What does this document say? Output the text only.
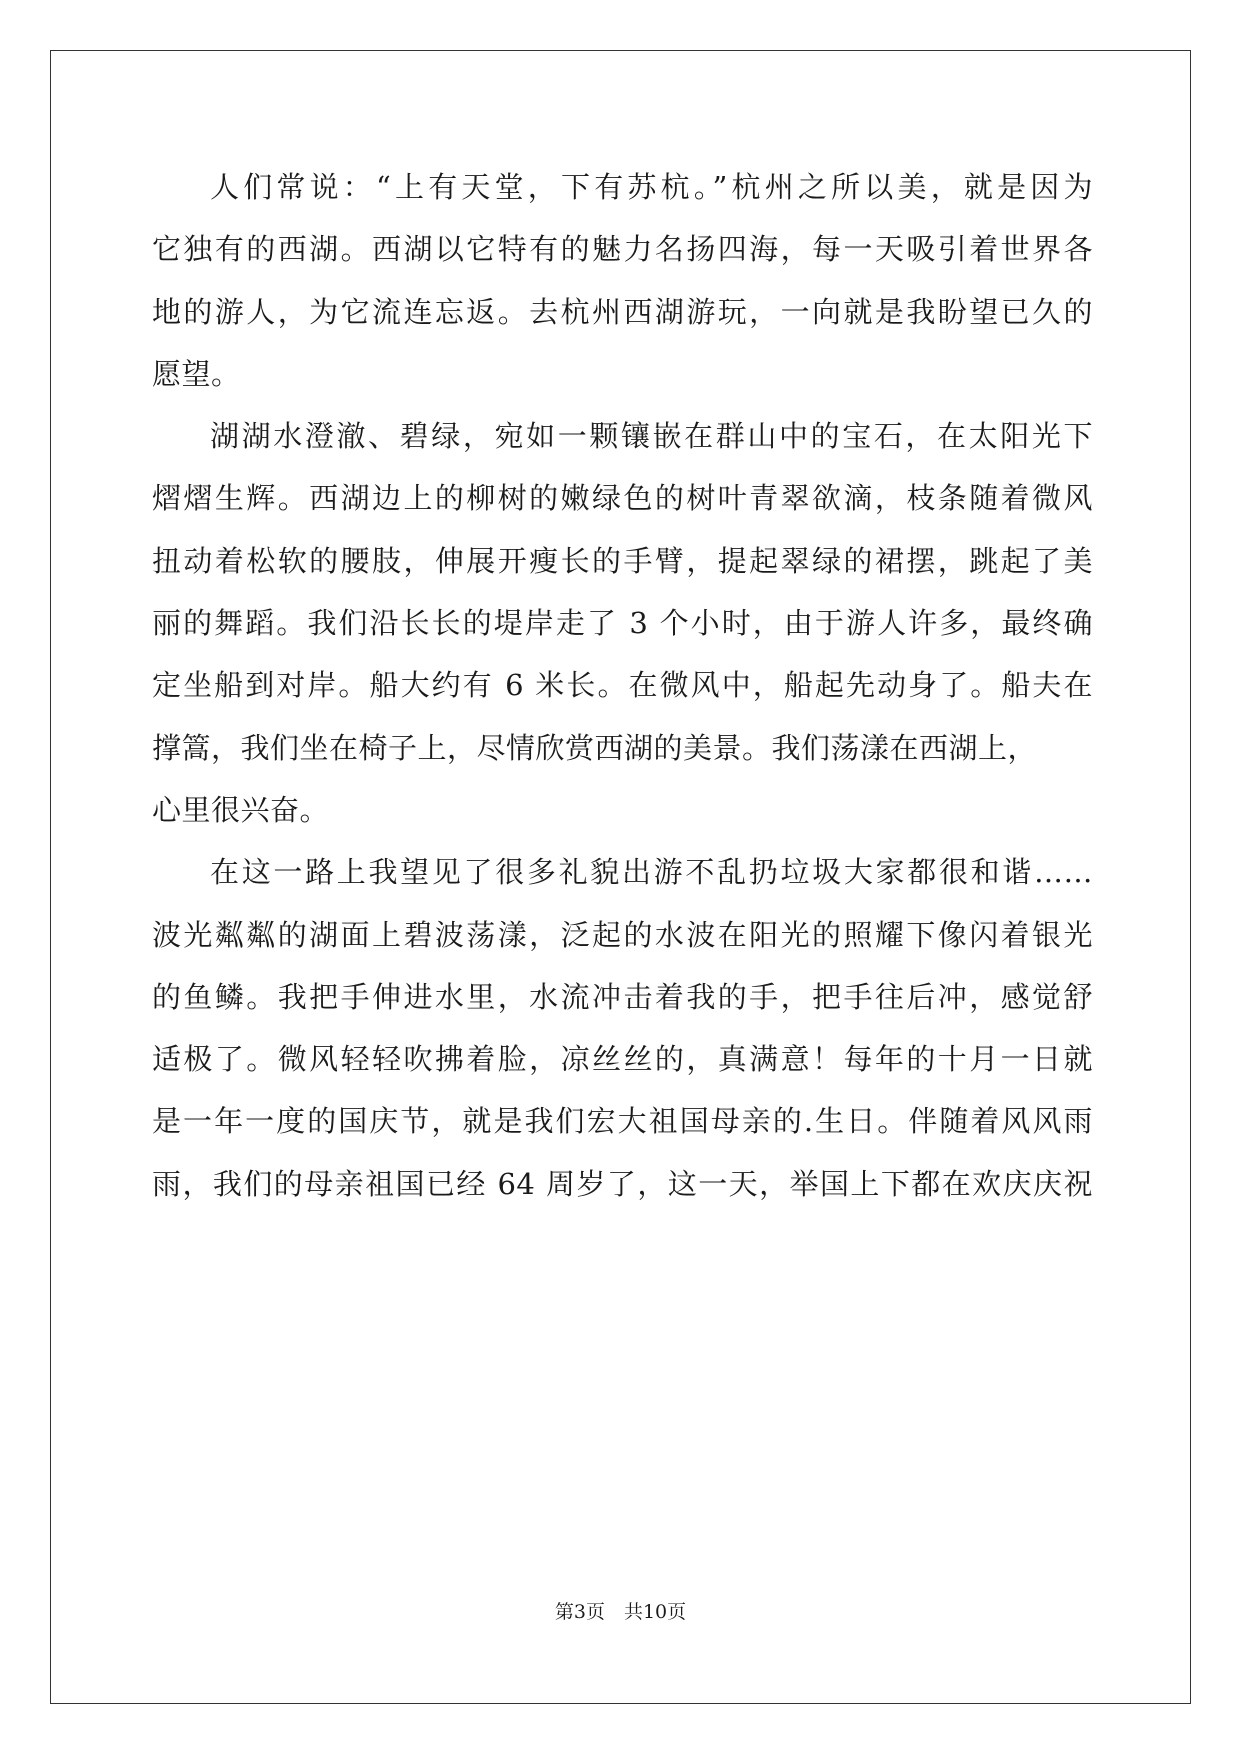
人们常说：“上有天堂，下有苏杭。”杭州之所以美，就是因为
它独有的西湖。西湖以它特有的魅力名扬四海，每一天吸引着世界各
地的游人，为它流连忘返。去杭州西湖游玩，一向就是我盼望已久的
愿望。
湖湖水澄澈、碧绿，宛如一颗镶嵌在群山中的宝石，在太阳光下
熠熠生辉。西湖边上的柳树的嫩绿色的树叶青翠欲滴，枝条随着微风
扭动着松软的腰肢，伸展开瘦长的手臂，提起翠绿的裙摆，跳起了美
丽的舞蹈。我们沿长长的堤岸走了 3 个小时，由于游人许多，最终确
定坐船到对岸。船大约有 6 米长。在微风中，船起先动身了。船夫在
撑篙，我们坐在椅子上，尽情欣赏西湖的美景。我们荡漾在西湖上，
心里很兴奋。
在这一路上我望见了很多礼貌出游不乱扔垃圾大家都很和谐……
波光粼粼的湖面上碧波荡漾，泛起的水波在阳光的照耀下像闪着银光
的鱼鳞。我把手伸进水里，水流冲击着我的手，把手往后冲，感觉舒
适极了。微风轻轻吹拂着脸，凉丝丝的，真满意！每年的十月一日就
是一年一度的国庆节，就是我们宏大祖国母亲的.生日。伴随着风风雨
雨，我们的母亲祖国已经 64 周岁了，这一天，举国上下都在欢庆庆祝
第3页　共10页
